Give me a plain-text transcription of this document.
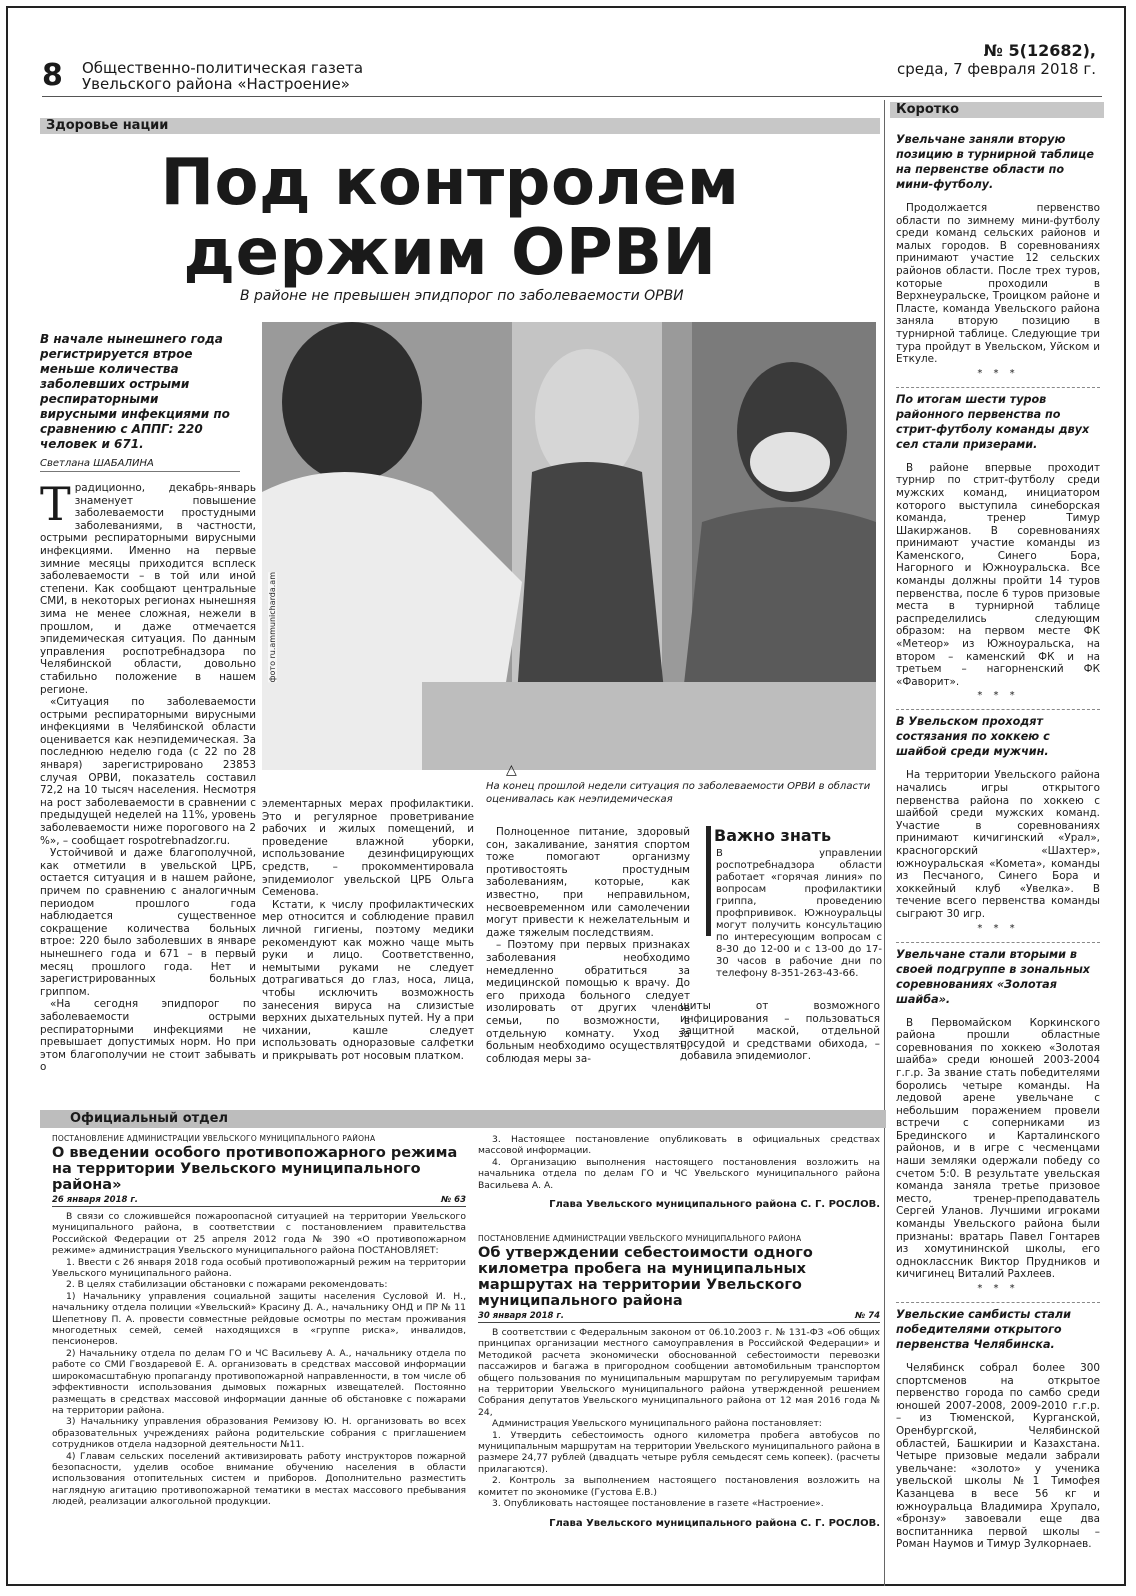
8 Общественно-политическая газета
Увельского района «Настроение»
№ 5(12682),
среда, 7 февраля 2018 г.
Здоровье нации
Под контролем
держим ОРВИ
В районе не превышен эпидпорог по заболеваемости ОРВИ
В начале нынешнего года регистрируется втрое меньше количества заболевших острыми респираторными вирусными инфекциями по сравнению с АППГ: 220 человек и 671.
Светлана ШАБАЛИНА
Т радиционно, декабрь-январь знаменует повышение заболеваемости простудными заболеваниями, в частности, острыми респираторными вирусными инфекциями. Именно на первые зимние месяцы приходится всплеск заболеваемости – в той или иной степени. Как сообщают центральные СМИ, в некоторых регионах нынешняя зима не менее сложная, нежели в прошлом, и даже отмечается эпидемическая ситуация. По данным управления роспотребнадзора по Челябинской области, довольно стабильно положение в нашем регионе.

«Ситуация по заболеваемости острыми респираторными вирусными инфекциями в Челябинской области оценивается как неэпидемическая. За последнюю неделю года (с 22 по 28 января) зарегистрировано 23853 случая ОРВИ, показатель составил 72,2 на 10 тысяч населения. Несмотря на рост заболеваемости в сравнении с предыдущей неделей на 11%, уровень заболеваемости ниже порогового на 2 %», – сообщает rospotrebnadzor.ru.

Устойчивой и даже благополучной, как отметили в увельской ЦРБ, остается ситуация и в нашем районе, причем по сравнению с аналогичным периодом прошлого года наблюдается существенное сокращение количества больных втрое: 220 было заболевших в январе нынешнего года и 671 – в первый месяц прошлого года. Нет и зарегистрированных больных гриппом.

«На сегодня эпидпорог по заболеваемости острыми респираторными инфекциями не превышает допустимых норм. Но при этом благополучии не стоит забывать о

фото ru.ammunicharda.am
△
На конец прошлой недели ситуация по заболеваемости ОРВИ в области оценивалась как неэпидемическая

элементарных мерах профилактики. Это и регулярное проветривание рабочих и жилых помещений, и проведение влажной уборки, использование дезинфицирующих средств, – прокомментировала эпидемиолог увельской ЦРБ Ольга Семенова.

Кстати, к числу профилактических мер относится и соблюдение правил личной гигиены, поэтому медики рекомендуют как можно чаще мыть руки и лицо. Соответственно, немытыми руками не следует дотрагиваться до глаз, носа, лица, чтобы исключить возможность занесения вируса на слизистые верхних дыхательных путей. Ну а при чихании, кашле следует использовать одноразовые салфетки и прикрывать рот носовым платком.

Полноценное питание, здоровый сон, закаливание, занятия спортом тоже помогают организму противостоять простудным заболеваниям, которые, как известно, при неправильном, несвоевременном или самолечении могут привести к нежелательным и даже тяжелым последствиям.

– Поэтому при первых признаках заболевания необходимо немедленно обратиться за медицинской помощью к врачу. До его прихода больного следует изолировать от других членов семьи, по возможности, в отдельную комнату. Уход за больным необходимо осуществлять, соблюдая меры за-

Важно знать
В управлении роспотребнадзора области работает «горячая линия» по вопросам профилактики гриппа, проведению профпрививок. Южноуральцы могут получить консультацию по интересующим вопросам с 8-30 до 12-00 и с 13-00 до 17-30 часов в рабочие дни по телефону 8-351-263-43-66.

щиты от возможного инфицирования – пользоваться защитной маской, отдельной посудой и средствами обихода, – добавила эпидемиолог.

Коротко
Увельчане заняли вторую позицию в турнирной таблице на первенстве области по мини-футболу.

Продолжается первенство области по зимнему мини-футболу среди команд сельских районов и малых городов. В соревнованиях принимают участие 12 сельских районов области. После трех туров, которые проходили в Верхнеуральске, Троицком районе и Пласте, команда Увельского района заняла вторую позицию в турнирной таблице. Следующие три тура пройдут в Увельском, Уйском и Еткуле.

* * *
По итогам шести туров районного первенства по стрит-футболу команды двух сел стали призерами.

В районе впервые проходит турнир по стрит-футболу среди мужских команд, инициатором которого выступила синеборская команда, тренер Тимур Шакиржанов. В соревнованиях принимают участие команды из Каменского, Синего Бора, Нагорного и Южноуральска. Все команды должны пройти 14 туров первенства, после 6 туров призовые места в турнирной таблице распределились следующим образом: на первом месте ФК «Метеор» из Южноуральска, на втором – каменский ФК и на третьем – нагорненский ФК «Фаворит».

* * *
В Увельском проходят состязания по хоккею с шайбой среди мужчин.

На территории Увельского района начались игры открытого первенства района по хоккею с шайбой среди мужских команд. Участие в соревнованиях принимают кичигинский «Урал», красногорский «Шахтер», южноуральская «Комета», команды из Песчаного, Синего Бора и хоккейный клуб «Увелка». В течение всего первенства команды сыграют 30 игр.

* * *
Увельчане стали вторыми в своей подгруппе в зональных соревнованиях «Золотая шайба».

В Первомайском Коркинского района прошли областные соревнования по хоккею «Золотая шайба» среди юношей 2003-2004 г.г.р. За звание стать победителями боролись четыре команды. На ледовой арене увельчане с небольшим поражением провели встречи с соперниками из Брединского и Карталинского районов, и в игре с чесменцами наши земляки одержали победу со счетом 5:0. В результате увельская команда заняла третье призовое место, тренер-преподаватель Сергей Уланов. Лучшими игроками команды Увельского района были признаны: вратарь Павел Гонтарев из хомутининской школы, его одноклассник Виктор Прудников и кичигинец Виталий Рахлеев.

* * *
Увельские самбисты стали победителями открытого первенства Челябинска.

Челябинск собрал более 300 спортсменов на открытое первенство города по самбо среди юношей 2007-2008, 2009-2010 г.г.р. – из Тюменской, Курганской, Оренбургской, Челябинской областей, Башкирии и Казахстана. Четыре призовые медали забрали увельчане: «золото» у ученика увельской школы №1 Тимофея Казанцева в весе 56 кг и южноуральца Владимира Хрупало, «бронзу» завоевали еще два воспитанника первой школы – Роман Наумов и Тимур Зулкорнаев.

Официальный отдел
ПОСТАНОВЛЕНИЕ АДМИНИСТРАЦИИ УВЕЛЬСКОГО МУНИЦИПАЛЬНОГО РАЙОНА
О введении особого противопожарного режима на территории Увельского муниципального района»
26 января 2018 г.	№ 63

В связи со сложившейся пожароопасной ситуацией на территории Увельского муниципального района, в соответствии с постановлением правительства Российской Федерации от 25 апреля 2012 года № 390 «О противопожарном режиме» администрация Увельского муниципального района ПОСТАНОВЛЯЕТ:

1. Ввести с 26 января 2018 года особый противопожарный режим на территории Увельского муниципального района.

2. В целях стабилизации обстановки с пожарами рекомендовать:

1) Начальнику управления социальной защиты населения Сусловой И. Н., начальнику отдела полиции «Увельский» Красину Д. А., начальнику ОНД и ПР № 11 Шепетнову П. А. провести совместные рейдовые осмотры по местам проживания многодетных семей, семей находящихся в «группе риска», инвалидов, пенсионеров.

2) Начальнику отдела по делам ГО и ЧС Васильеву А. А., начальнику отдела по работе со СМИ Гвоздаревой Е. А. организовать в средствах массовой информации широкомасштабную пропаганду противопожарной направленности, в том числе об эффективности использования дымовых пожарных извещателей. Постоянно размещать в средствах массовой информации данные об обстановке с пожарами на территории района.

3) Начальнику управления образования Ремизову Ю. Н. организовать во всех образовательных учреждениях района родительские собрания с приглашением сотрудников отдела надзорной деятельности №11.

4) Главам сельских поселений активизировать работу инструкторов пожарной безопасности, уделив особое внимание обучению населения в области использования отопительных систем и приборов. Дополнительно разместить наглядную агитацию противопожарной тематики в местах массового пребывания людей, реализации алкогольной продукции.

3. Настоящее постановление опубликовать в официальных средствах массовой информации.

4. Организацию выполнения настоящего постановления возложить на начальника отдела по делам ГО и ЧС Увельского муниципального района Васильева А. А.

Глава Увельского муниципального района С. Г. РОСЛОВ.
ПОСТАНОВЛЕНИЕ АДМИНИСТРАЦИИ УВЕЛЬСКОГО МУНИЦИПАЛЬНОГО РАЙОНА
Об утверждении себестоимости одного километра пробега на муниципальных маршрутах на территории Увельского муниципального района
30 января 2018 г.	№ 74

В соответствии с Федеральным законом от 06.10.2003 г. № 131-ФЗ «Об общих принципах организации местного самоуправления в Российской Федерации» и Методикой расчета экономически обоснованной себестоимости перевозки пассажиров и багажа в пригородном сообщении автомобильным транспортом общего пользования по муниципальным маршрутам по регулируемым тарифам на территории Увельского муниципального района утвержденной решением Собрания депутатов Увельского муниципального района от 12 мая 2016 года № 24,

Администрация Увельского муниципального района постановляет:

1. Утвердить себестоимость одного километра пробега автобусов по муниципальным маршрутам на территории Увельского муниципального района в размере 24,77 рублей (двадцать четыре рубля семьдесят семь копеек). (расчеты прилагаются).

2. Контроль за выполнением настоящего постановления возложить на комитет по экономике (Густова Е.В.)

3. Опубликовать настоящее постановление в газете «Настроение».

Глава Увельского муниципального района С. Г. РОСЛОВ.
